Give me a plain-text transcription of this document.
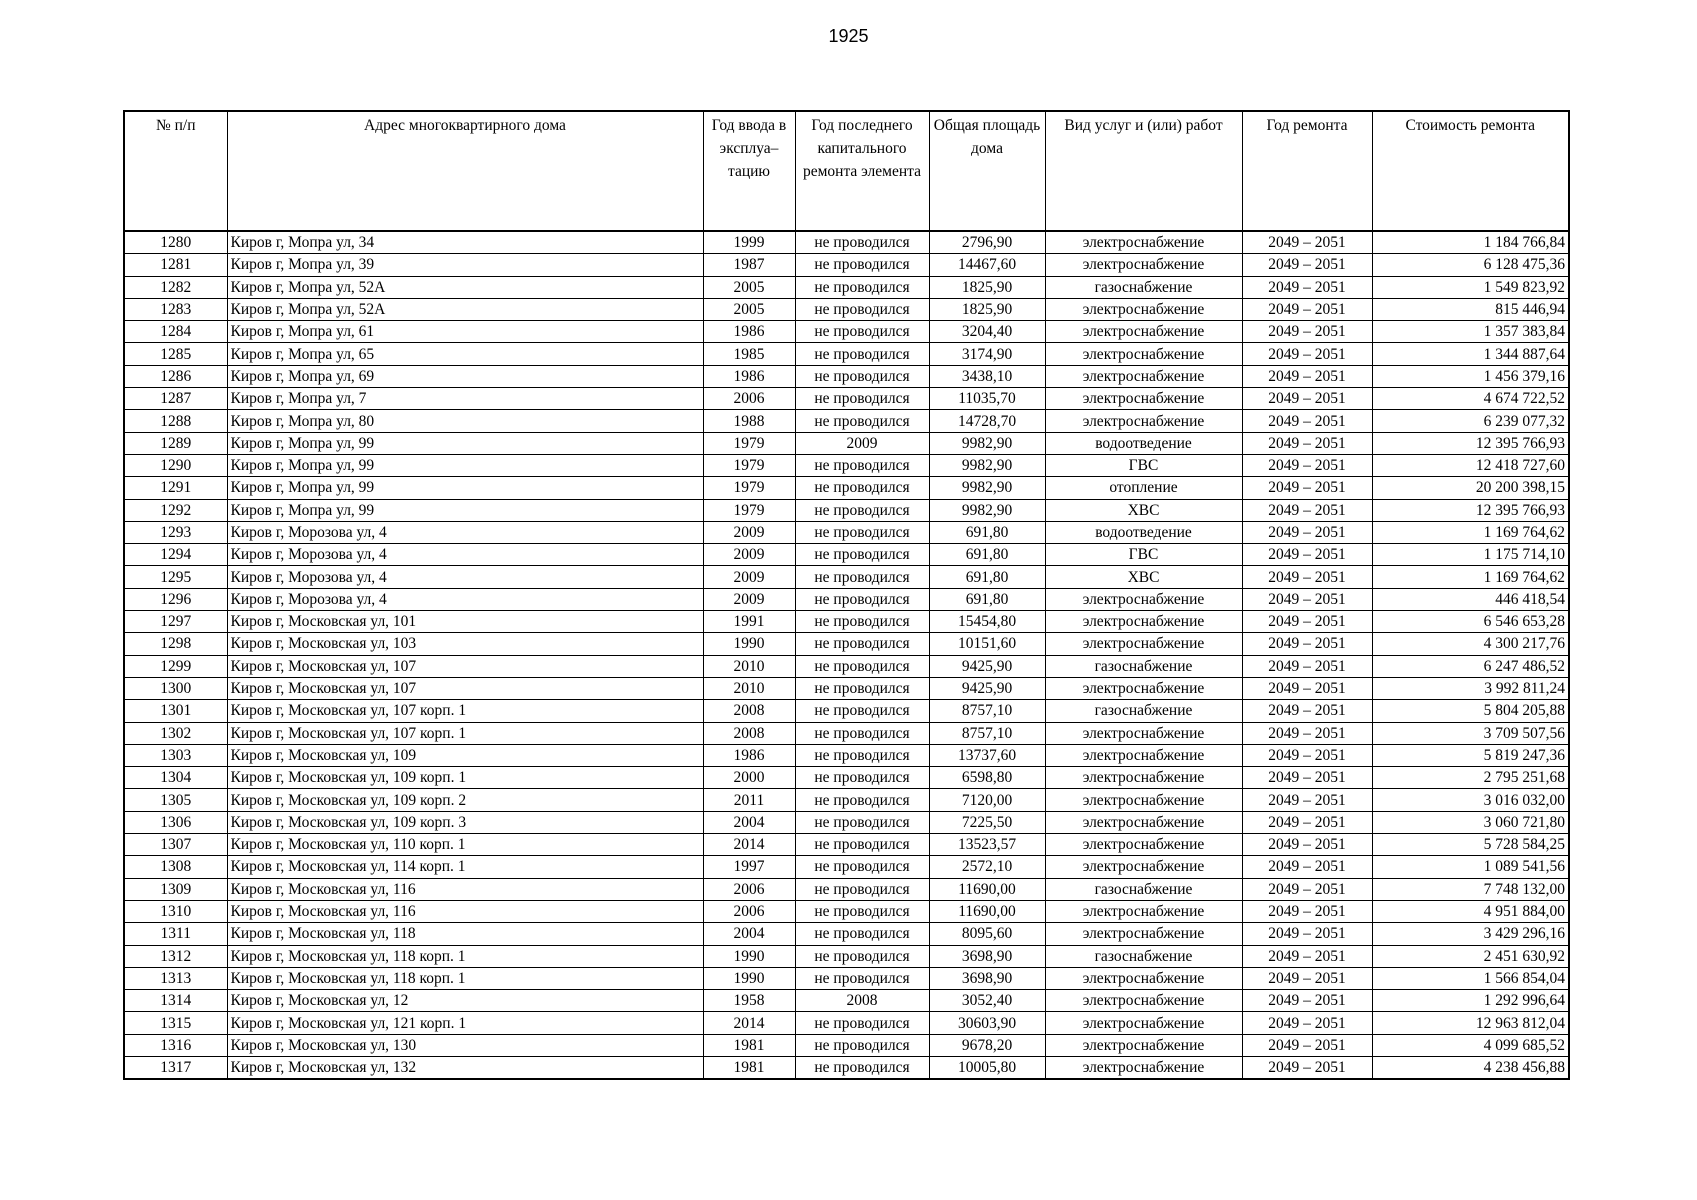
1925
№ п/п	Адрес многоквартирного дома	Год ввода в эксплуа–тацию	Год последнего капитального ремонта элемента	Общая площадь дома	Вид услуг и (или) работ	Год ремонта	Стоимость ремонта
1280	Киров г, Мопра ул, 34	1999	не проводился	2796,90	электроснабжение	2049 – 2051	1 184 766,84
1281	Киров г, Мопра ул, 39	1987	не проводился	14467,60	электроснабжение	2049 – 2051	6 128 475,36
1282	Киров г, Мопра ул, 52А	2005	не проводился	1825,90	газоснабжение	2049 – 2051	1 549 823,92
1283	Киров г, Мопра ул, 52А	2005	не проводился	1825,90	электроснабжение	2049 – 2051	815 446,94
1284	Киров г, Мопра ул, 61	1986	не проводился	3204,40	электроснабжение	2049 – 2051	1 357 383,84
1285	Киров г, Мопра ул, 65	1985	не проводился	3174,90	электроснабжение	2049 – 2051	1 344 887,64
1286	Киров г, Мопра ул, 69	1986	не проводился	3438,10	электроснабжение	2049 – 2051	1 456 379,16
1287	Киров г, Мопра ул, 7	2006	не проводился	11035,70	электроснабжение	2049 – 2051	4 674 722,52
1288	Киров г, Мопра ул, 80	1988	не проводился	14728,70	электроснабжение	2049 – 2051	6 239 077,32
1289	Киров г, Мопра ул, 99	1979	2009	9982,90	водоотведение	2049 – 2051	12 395 766,93
1290	Киров г, Мопра ул, 99	1979	не проводился	9982,90	ГВС	2049 – 2051	12 418 727,60
1291	Киров г, Мопра ул, 99	1979	не проводился	9982,90	отопление	2049 – 2051	20 200 398,15
1292	Киров г, Мопра ул, 99	1979	не проводился	9982,90	ХВС	2049 – 2051	12 395 766,93
1293	Киров г, Морозова ул, 4	2009	не проводился	691,80	водоотведение	2049 – 2051	1 169 764,62
1294	Киров г, Морозова ул, 4	2009	не проводился	691,80	ГВС	2049 – 2051	1 175 714,10
1295	Киров г, Морозова ул, 4	2009	не проводился	691,80	ХВС	2049 – 2051	1 169 764,62
1296	Киров г, Морозова ул, 4	2009	не проводился	691,80	электроснабжение	2049 – 2051	446 418,54
1297	Киров г, Московская ул, 101	1991	не проводился	15454,80	электроснабжение	2049 – 2051	6 546 653,28
1298	Киров г, Московская ул, 103	1990	не проводился	10151,60	электроснабжение	2049 – 2051	4 300 217,76
1299	Киров г, Московская ул, 107	2010	не проводился	9425,90	газоснабжение	2049 – 2051	6 247 486,52
1300	Киров г, Московская ул, 107	2010	не проводился	9425,90	электроснабжение	2049 – 2051	3 992 811,24
1301	Киров г, Московская ул, 107 корп. 1	2008	не проводился	8757,10	газоснабжение	2049 – 2051	5 804 205,88
1302	Киров г, Московская ул, 107 корп. 1	2008	не проводился	8757,10	электроснабжение	2049 – 2051	3 709 507,56
1303	Киров г, Московская ул, 109	1986	не проводился	13737,60	электроснабжение	2049 – 2051	5 819 247,36
1304	Киров г, Московская ул, 109 корп. 1	2000	не проводился	6598,80	электроснабжение	2049 – 2051	2 795 251,68
1305	Киров г, Московская ул, 109 корп. 2	2011	не проводился	7120,00	электроснабжение	2049 – 2051	3 016 032,00
1306	Киров г, Московская ул, 109 корп. 3	2004	не проводился	7225,50	электроснабжение	2049 – 2051	3 060 721,80
1307	Киров г, Московская ул, 110 корп. 1	2014	не проводился	13523,57	электроснабжение	2049 – 2051	5 728 584,25
1308	Киров г, Московская ул, 114 корп. 1	1997	не проводился	2572,10	электроснабжение	2049 – 2051	1 089 541,56
1309	Киров г, Московская ул, 116	2006	не проводился	11690,00	газоснабжение	2049 – 2051	7 748 132,00
1310	Киров г, Московская ул, 116	2006	не проводился	11690,00	электроснабжение	2049 – 2051	4 951 884,00
1311	Киров г, Московская ул, 118	2004	не проводился	8095,60	электроснабжение	2049 – 2051	3 429 296,16
1312	Киров г, Московская ул, 118 корп. 1	1990	не проводился	3698,90	газоснабжение	2049 – 2051	2 451 630,92
1313	Киров г, Московская ул, 118 корп. 1	1990	не проводился	3698,90	электроснабжение	2049 – 2051	1 566 854,04
1314	Киров г, Московская ул, 12	1958	2008	3052,40	электроснабжение	2049 – 2051	1 292 996,64
1315	Киров г, Московская ул, 121 корп. 1	2014	не проводился	30603,90	электроснабжение	2049 – 2051	12 963 812,04
1316	Киров г, Московская ул, 130	1981	не проводился	9678,20	электроснабжение	2049 – 2051	4 099 685,52
1317	Киров г, Московская ул, 132	1981	не проводился	10005,80	электроснабжение	2049 – 2051	4 238 456,88
